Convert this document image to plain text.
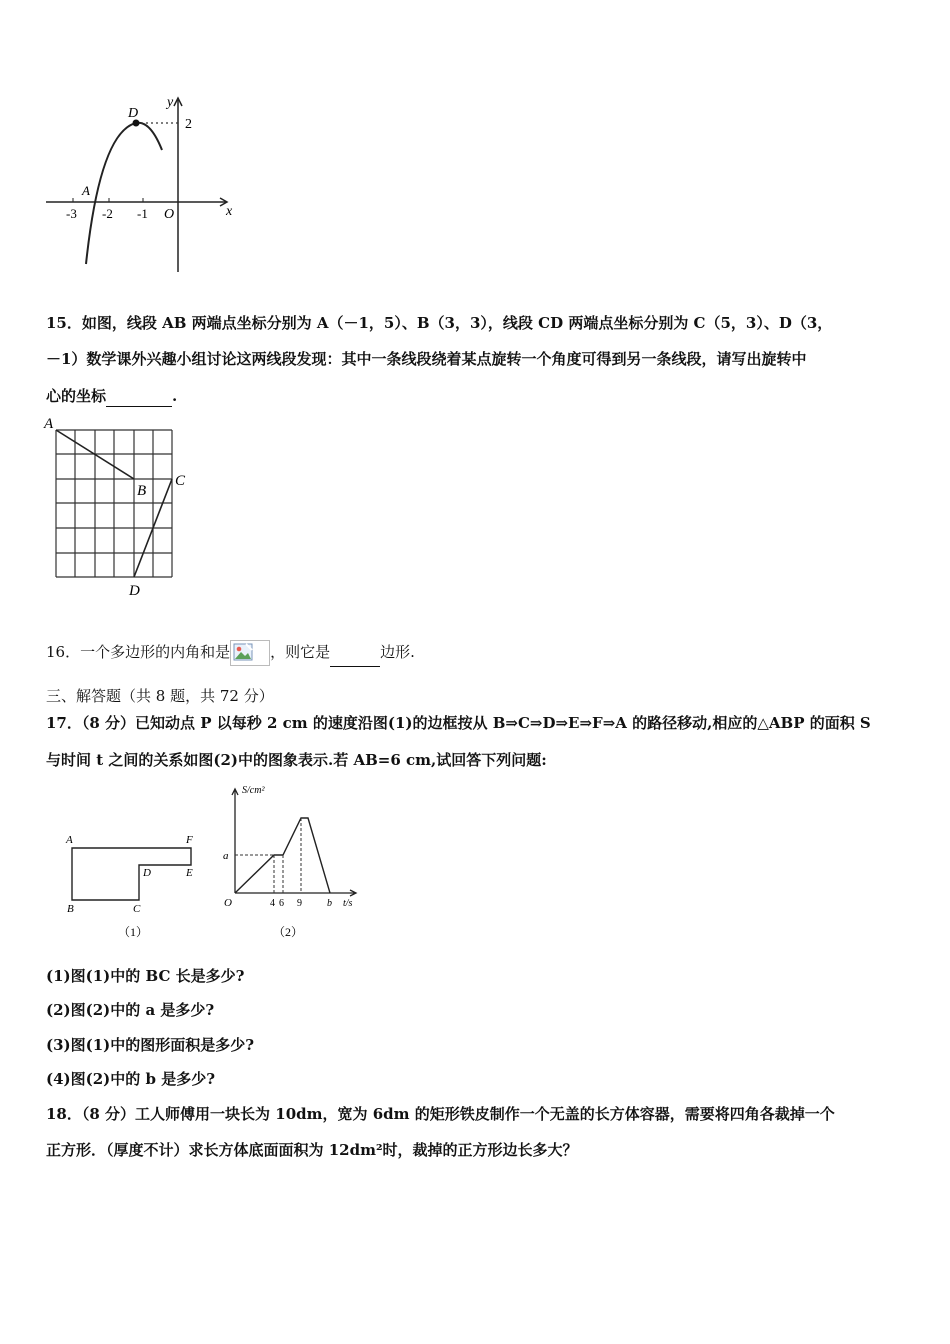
y
x
2
O
-3 -2 -1
A
D
15．如图，线段 AB 两端点坐标分别为 A（－1，5）、B（3，3），线段 CD 两端点坐标分别为 C（5，3）、D（3，
－1）数学课外兴趣小组讨论这两线段发现：其中一条线段绕着某点旋转一个角度可得到另一条线段，请写出旋转中
心的坐标	.
A
B
C
D
16．一个多边形的内角和是	，则它是	边形.
三、解答题（共 8 题，共 72 分）
17．（8 分）已知动点 P 以每秒 2 cm 的速度沿图(1)的边框按从 B⇒C⇒D⇒E⇒F⇒A 的路径移动,相应的△ABP 的面积 S
与时间 t 之间的关系如图(2)中的图象表示.若 AB=6 cm,试回答下列问题:
A	F
E
D
B	C
（1）
S/cm²
t/s
O
a
4 6 9	b
（2）
(1)图(1)中的 BC 长是多少?
(2)图(2)中的 a 是多少?
(3)图(1)中的图形面积是多少?
(4)图(2)中的 b 是多少?
18．（8 分）工人师傅用一块长为 10dm，宽为 6dm 的矩形铁皮制作一个无盖的长方体容器，需要将四角各裁掉一个
正方形．（厚度不计）求长方体底面面积为 12dm²时，裁掉的正方形边长多大？
